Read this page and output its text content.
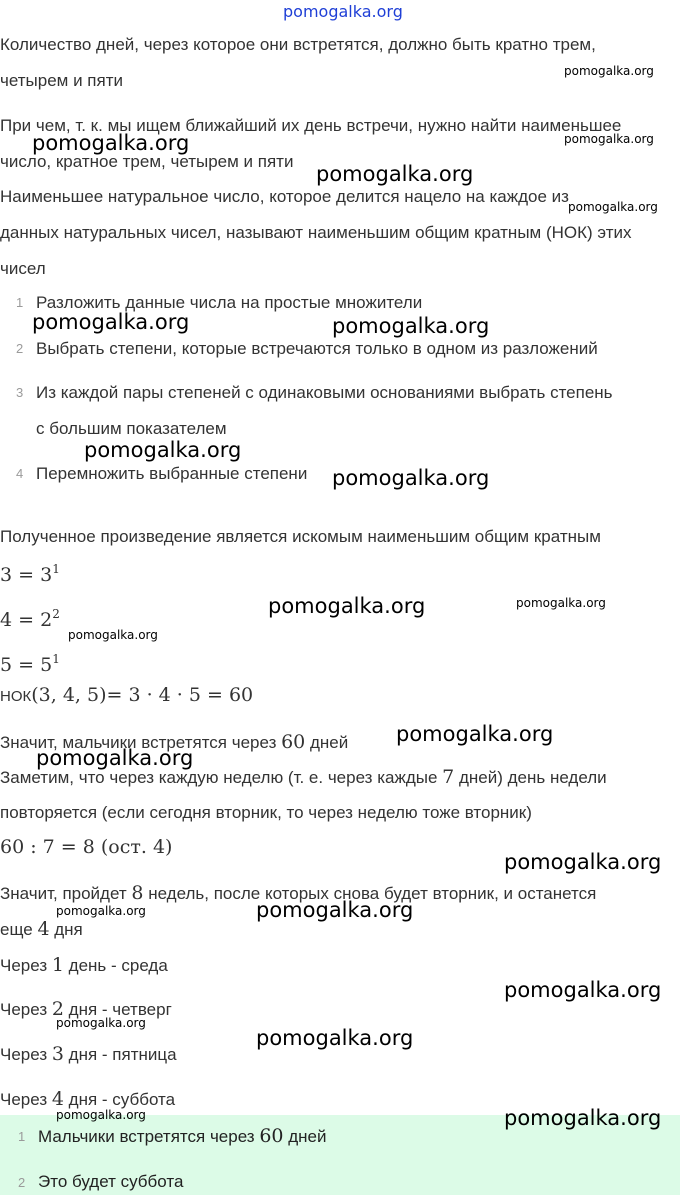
pomogalka.org
Количество дней, через которое они встретятся, должно быть кратно трем,
четырем и пяти
При чем, т. к. мы ищем ближайший их день встречи, нужно найти наименьшее
число, кратное трем, четырем и пяти
Наименьшее натуральное число, которое делится нацело на каждое из
данных натуральных чисел, называют наименьшим общим кратным (НОК) этих
чисел
1 Разложить данные числа на простые множители
2 Выбрать степени, которые встречаются только в одном из разложений
3 Из каждой пары степеней с одинаковыми основаниями выбрать степень
с большим показателем
4 Перемножить выбранные степени
Полученное произведение является искомым наименьшим общим кратным
$3 = 3^1$
$4 = 2^2$
$5 = 5^1$
НОК(3, 4, 5)= 3 · 4 · 5 = 60
Значит, мальчики встретятся через 60 дней
Заметим, что через каждую неделю (т. е. через каждые 7 дней) день недели
повторяется (если сегодня вторник, то через неделю тоже вторник)
60 : 7 = 8 (ост. 4)
Значит, пройдет 8 недель, после которых снова будет вторник, и останется
еще 4 дня
Через 1 день - среда
Через 2 дня - четверг
Через 3 дня - пятница
Через 4 дня - суббота
1 Мальчики встретятся через 60 дней
2 Это будет суббота
pomogalka.org
pomogalka.org
pomogalka.org
pomogalka.org
pomogalka.org
pomogalka.org	pomogalka.org
pomogalka.org
pomogalka.org
pomogalka.org	pomogalka.org
pomogalka.org
pomogalka.org
pomogalka.org
pomogalka.org
pomogalka.org	pomogalka.org
pomogalka.org
pomogalka.org
pomogalka.org
pomogalka.org	pomogalka.org
